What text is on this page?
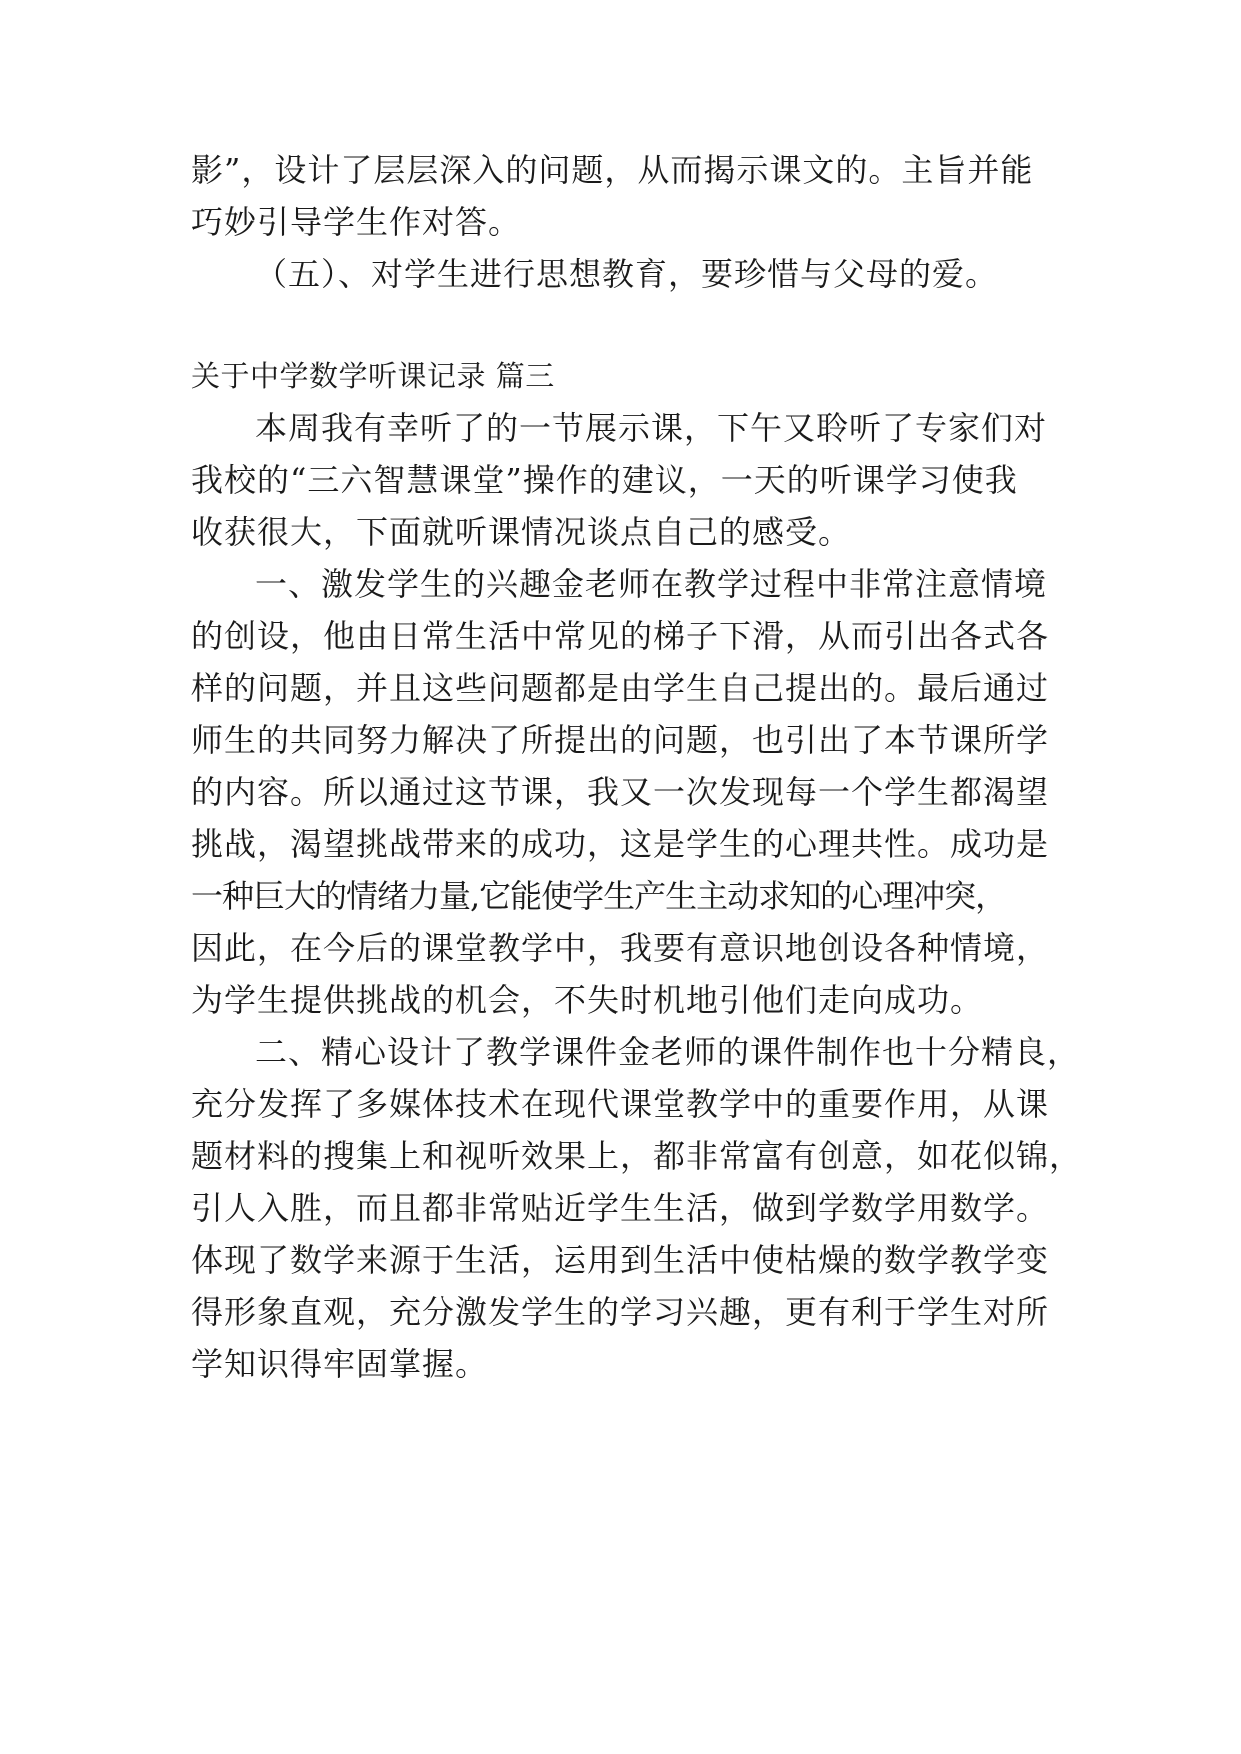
影”，设计了层层深入的问题，从而揭示课文的。主旨并能
巧妙引导学生作对答。
（五）、对学生进行思想教育，要珍惜与父母的爱。
关于中学数学听课记录 篇三
本周我有幸听了的一节展示课，下午又聆听了专家们对
我校的“三六智慧课堂”操作的建议，一天的听课学习使我
收获很大，下面就听课情况谈点自己的感受。
一、激发学生的兴趣金老师在教学过程中非常注意情境
的创设，他由日常生活中常见的梯子下滑，从而引出各式各
样的问题，并且这些问题都是由学生自己提出的。最后通过
师生的共同努力解决了所提出的问题，也引出了本节课所学
的内容。所以通过这节课，我又一次发现每一个学生都渴望
挑战，渴望挑战带来的成功，这是学生的心理共性。成功是
一种巨大的情绪力量,它能使学生产生主动求知的心理冲突，
因此，在今后的课堂教学中，我要有意识地创设各种情境，
为学生提供挑战的机会，不失时机地引他们走向成功。
二、精心设计了教学课件金老师的课件制作也十分精良，
充分发挥了多媒体技术在现代课堂教学中的重要作用，从课
题材料的搜集上和视听效果上，都非常富有创意，如花似锦，
引人入胜，而且都非常贴近学生生活，做到学数学用数学。
体现了数学来源于生活，运用到生活中使枯燥的数学教学变
得形象直观，充分激发学生的学习兴趣，更有利于学生对所
学知识得牢固掌握。
